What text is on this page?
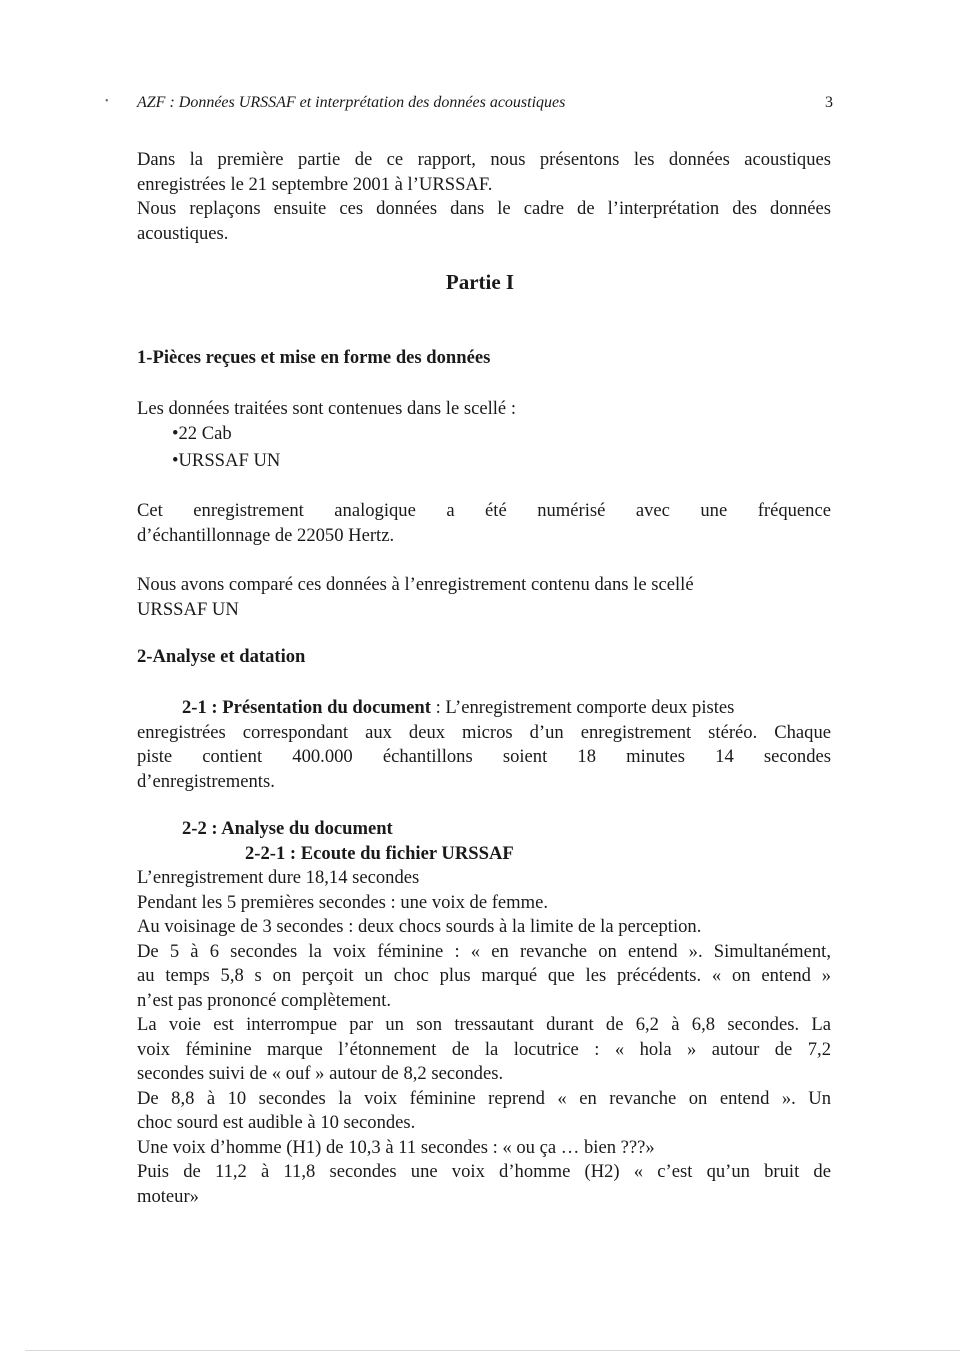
• AZF : Données URSSAF et interprétation des données acoustiques	3

Dans la première partie de ce rapport, nous présentons les données acoustiques

enregistrées le 21 septembre 2001 à l’URSSAF.

Nous replaçons ensuite ces données dans le cadre de l’interprétation des données

acoustiques.

Partie I
1-Pièces reçues et mise en forme des données

Les données traitées sont contenues dans le scellé :

•22 Cab

•URSSAF UN

Cet enregistrement analogique a été numérisé avec une fréquence

d’échantillonnage de 22050 Hertz.

Nous avons comparé ces données à l’enregistrement contenu dans le scellé

URSSAF UN

2-Analyse et datation

2-1 : Présentation du document : L’enregistrement comporte deux pistes

enregistrées correspondant aux deux micros d’un enregistrement stéréo. Chaque

piste contient 400.000 échantillons soient 18 minutes 14 secondes

d’enregistrements.

2-2 : Analyse du document

2-2-1 : Ecoute du fichier URSSAF

L’enregistrement dure 18,14 secondes

Pendant les 5 premières secondes : une voix de femme.

Au voisinage de 3 secondes : deux chocs sourds à la limite de la perception.

De 5 à 6 secondes la voix féminine : « en revanche on entend ». Simultanément,

au temps 5,8 s on perçoit un choc plus marqué que les précédents. « on entend »

n’est pas prononcé complètement.

La voie est interrompue par un son tressautant durant de 6,2 à 6,8 secondes. La

voix féminine marque l’étonnement de la locutrice : « hola » autour de 7,2

secondes suivi de « ouf » autour de 8,2 secondes.

De 8,8 à 10 secondes la voix féminine reprend « en revanche on entend ». Un

choc sourd est audible à 10 secondes.

Une voix d’homme (H1) de 10,3 à 11 secondes : « ou ça … bien ???»

Puis de 11,2 à 11,8 secondes une voix d’homme (H2) « c’est qu’un bruit de

moteur»
